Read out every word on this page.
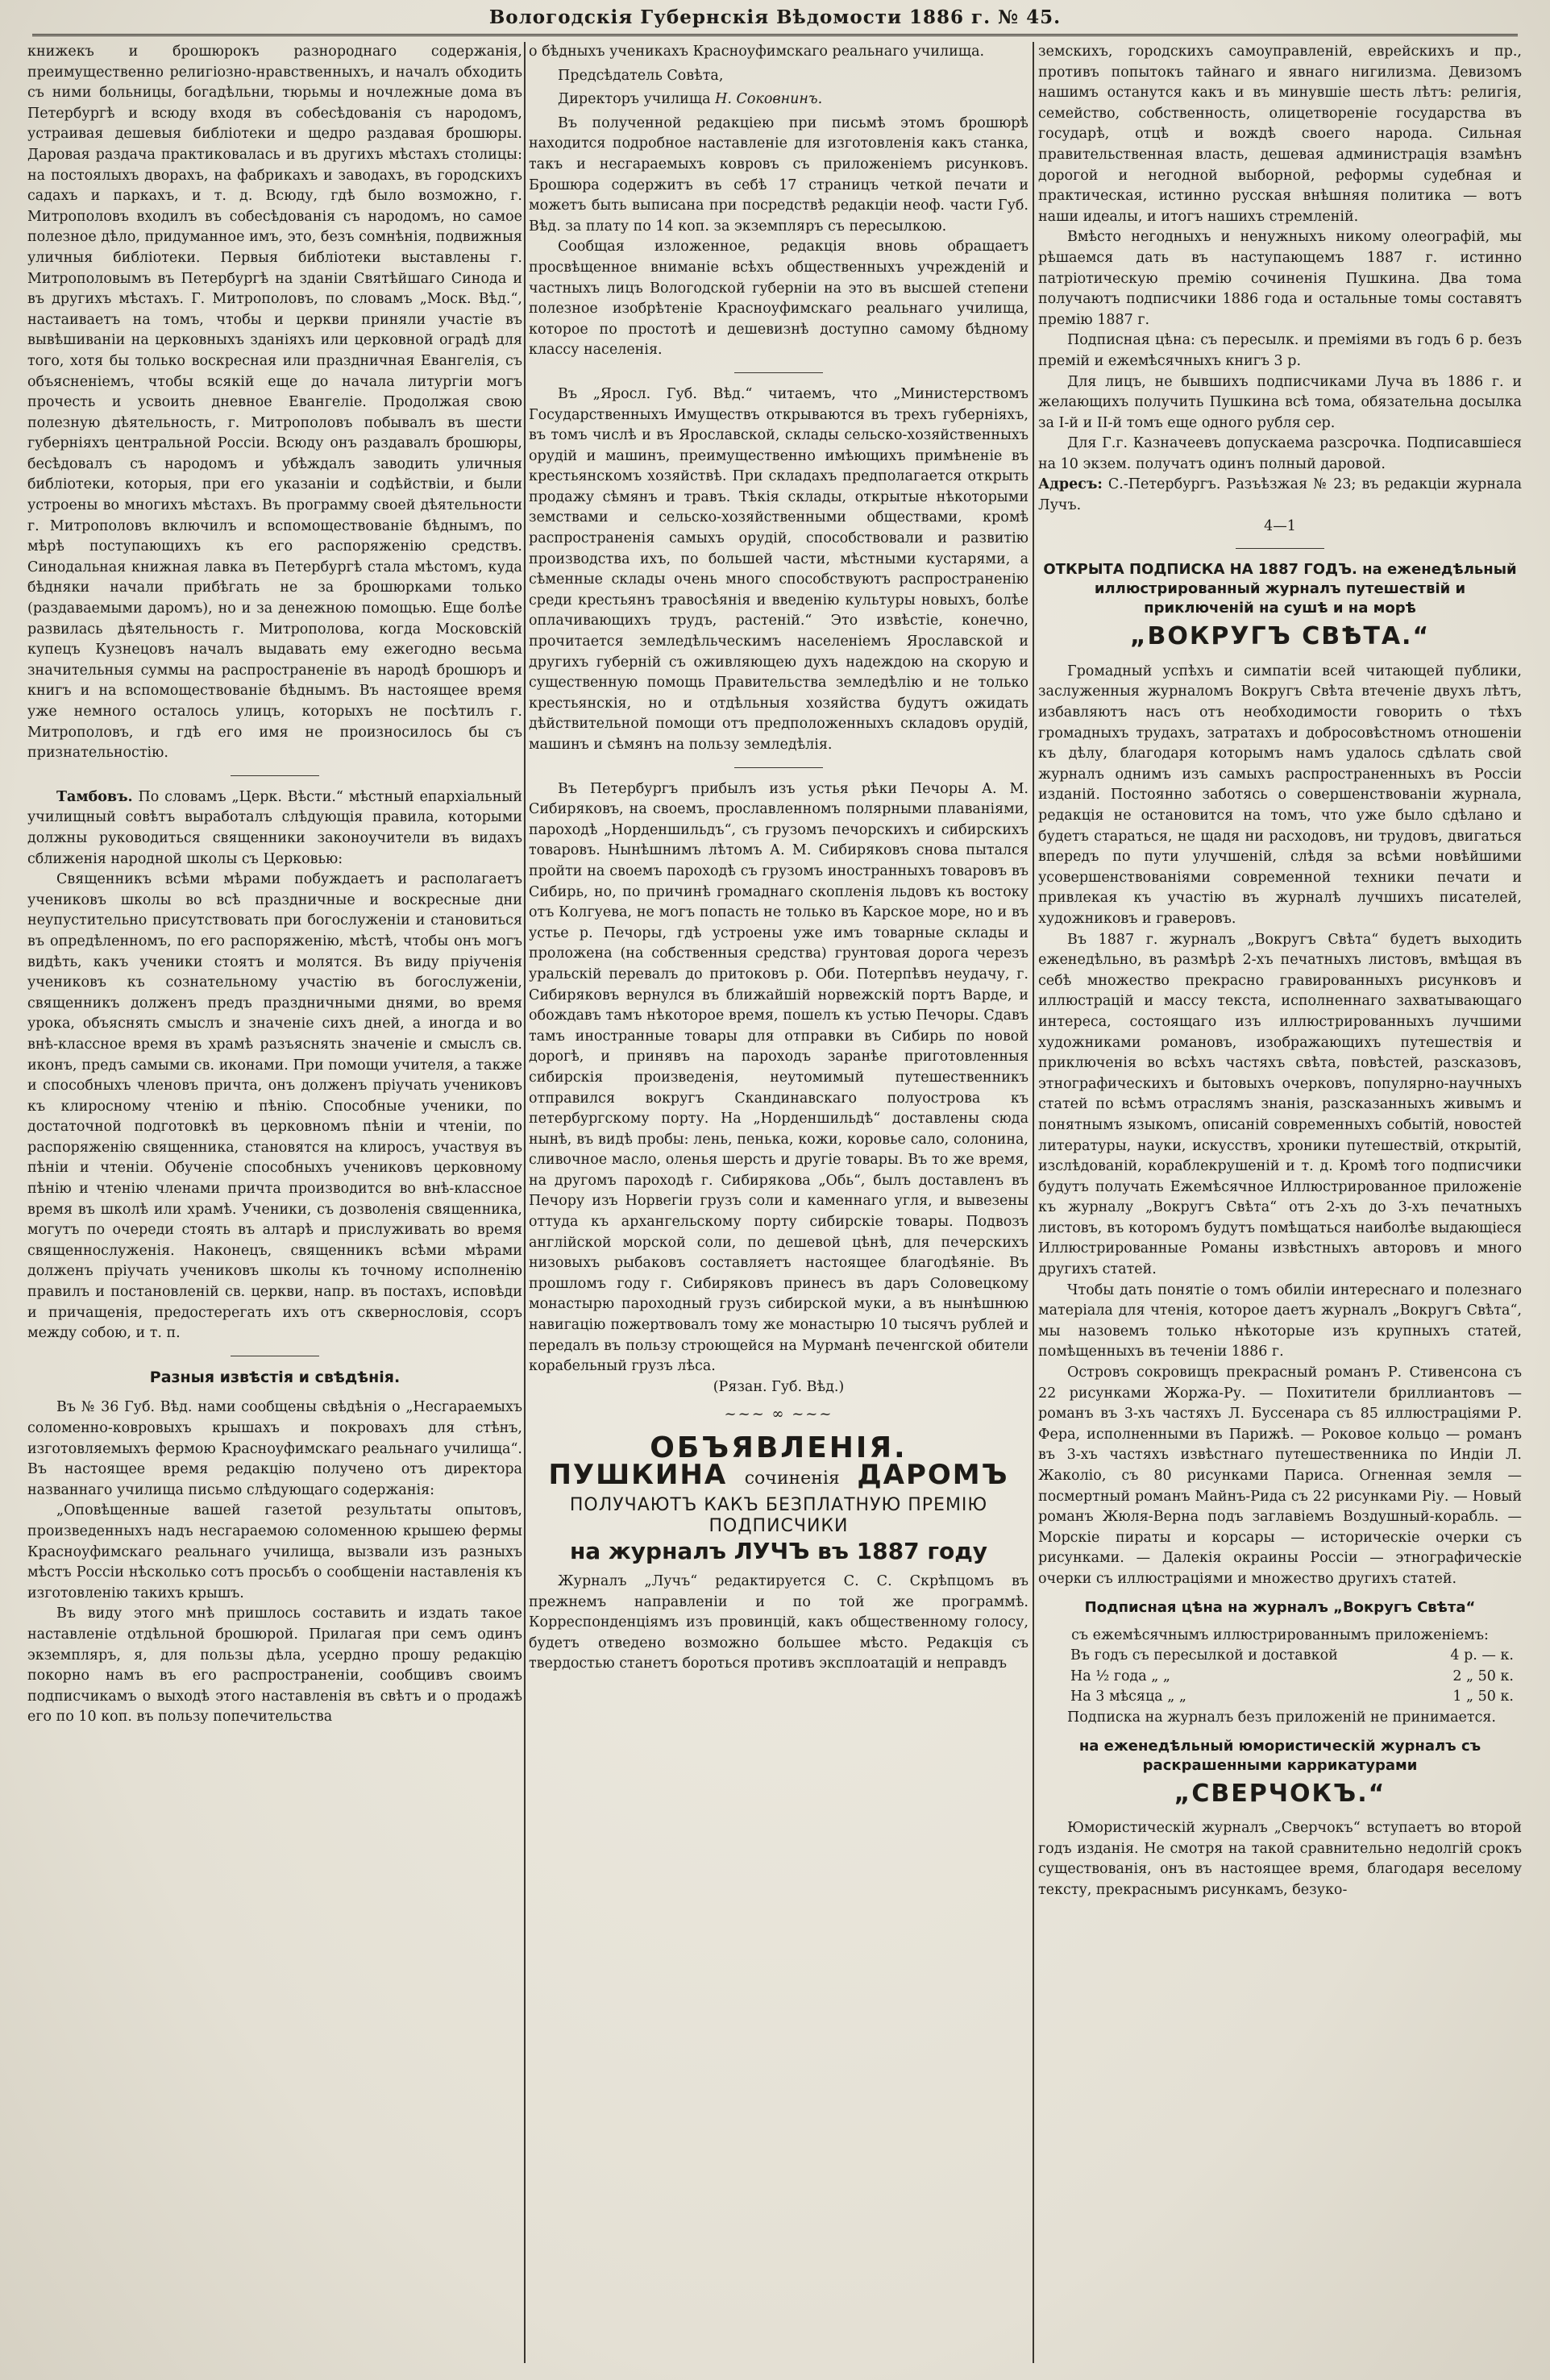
Вологодскія Губернскія Вѣдомости 1886 г. № 45.

книжекъ и брошюрокъ разнороднаго содержанія, преимущественно религіозно-нравственныхъ, и началъ обходить съ ними больницы, богадѣльни, тюрьмы и ночлежные дома въ Петербургѣ и всюду входя въ собесѣдованія съ народомъ, устраивая дешевыя библіотеки и щедро раздавая брошюры. Даровая раздача практиковалась и въ другихъ мѣстахъ столицы: на постоялыхъ дворахъ, на фабрикахъ и заводахъ, въ городскихъ садахъ и паркахъ, и т. д. Всюду, гдѣ было возможно, г. Митрополовъ входилъ въ собесѣдованія съ народомъ, но самое полезное дѣло, придуманное имъ, это, безъ сомнѣнія, подвижныя уличныя библіотеки. Первыя библіотеки выставлены г. Митрополовымъ въ Петербургѣ на зданіи Святѣйшаго Синода и въ другихъ мѣстахъ. Г. Митрополовъ, по словамъ „Моск. Вѣд.“, настаиваетъ на томъ, чтобы и церкви приняли участіе въ вывѣшиваніи на церковныхъ зданіяхъ или церковной оградѣ для того, хотя бы только воскресная или праздничная Евангелія, съ объясненіемъ, чтобы всякій еще до начала литургіи могъ прочесть и усвоить дневное Евангеліе. Продолжая свою полезную дѣятельность, г. Митрополовъ побывалъ въ шести губерніяхъ центральной Россіи. Всюду онъ раздавалъ брошюры, бесѣдовалъ съ народомъ и убѣждалъ заводить уличныя библіотеки, которыя, при его указаніи и содѣйствіи, и были устроены во многихъ мѣстахъ. Въ программу своей дѣятельности г. Митрополовъ включилъ и вспомоществованіе бѣднымъ, по мѣрѣ поступающихъ къ его распоряженію средствъ. Синодальная книжная лавка въ Петербургѣ стала мѣстомъ, куда бѣдняки начали прибѣгать не за брошюрками только (раздаваемыми даромъ), но и за денежною помощью. Еще болѣе развилась дѣятельность г. Митрополова, когда Московскій купецъ Кузнецовъ началъ выдавать ему ежегодно весьма значительныя суммы на распространеніе въ народѣ брошюръ и книгъ и на вспомоществованіе бѣднымъ. Въ настоящее время уже немного осталось улицъ, которыхъ не посѣтилъ г. Митрополовъ, и гдѣ его имя не произносилось бы съ признательностію.

Тамбовъ. По словамъ „Церк. Вѣсти.“ мѣстный епархіальный училищный совѣтъ выработалъ слѣдующія правила, которыми должны руководиться священники законоучители въ видахъ сближенія народной школы съ Церковью:

Священникъ всѣми мѣрами побуждаетъ и располагаетъ учениковъ школы во всѣ праздничные и воскресные дни неупустительно присутствовать при богослуженіи и становиться въ опредѣленномъ, по его распоряженію, мѣстѣ, чтобы онъ могъ видѣть, какъ ученики стоятъ и молятся. Въ виду пріученія учениковъ къ сознательному участію въ богослуженіи, священникъ долженъ предъ праздничными днями, во время урока, объяснять смыслъ и значеніе сихъ дней, а иногда и во внѣ-классное время въ храмѣ разъяснять значеніе и смыслъ св. иконъ, предъ самыми св. иконами. При помощи учителя, а также и способныхъ членовъ причта, онъ долженъ пріучать учениковъ къ клиросному чтенію и пѣнію. Способные ученики, по достаточной подготовкѣ въ церковномъ пѣніи и чтеніи, по распоряженію священника, становятся на клиросъ, участвуя въ пѣніи и чтеніи. Обученіе способныхъ учениковъ церковному пѣнію и чтенію членами причта производится во внѣ-классное время въ школѣ или храмѣ. Ученики, съ дозволенія священника, могутъ по очереди стоять въ алтарѣ и прислуживать во время священнослуженія. Наконецъ, священникъ всѣми мѣрами долженъ пріучать учениковъ школы къ точному исполненію правилъ и постановленій св. церкви, напр. въ постахъ, исповѣди и причащенія, предостерегать ихъ отъ сквернословія, ссоръ между собою, и т. п.

Разныя извѣстія и свѣдѣнія.

Въ № 36 Губ. Вѣд. нами сообщены свѣдѣнія о „Несгараемыхъ соломенно-ковровыхъ крышахъ и покровахъ для стѣнъ, изготовляемыхъ фермою Красноуфимскаго реальнаго училища“. Въ настоящее время редакцію получено отъ директора названнаго училища письмо слѣдующаго содержанія:

„Оповѣщенные вашей газетой результаты опытовъ, произведенныхъ надъ несгараемою соломенною крышею фермы Красноуфимскаго реальнаго училища, вызвали изъ разныхъ мѣстъ Россіи нѣсколько сотъ просьбъ о сообщеніи наставленія къ изготовленію такихъ крышъ.

Въ виду этого мнѣ пришлось составить и издать такое наставленіе отдѣльной брошюрой. Прилагая при семъ одинъ экземпляръ, я, для пользы дѣла, усердно прошу редакцію покорно намъ въ его распространеніи, сообщивъ своимъ подписчикамъ о выходѣ этого наставленія въ свѣтъ и о продажѣ его по 10 коп. въ пользу попечительства

о бѣдныхъ ученикахъ Красноуфимскаго реальнаго училища.

Предсѣдатель Совѣта,
Директоръ училища Н. Соковнинъ.

Въ полученной редакціею при письмѣ этомъ брошюрѣ находится подробное наставленіе для изготовленія какъ станка, такъ и несгараемыхъ ковровъ съ приложеніемъ рисунковъ. Брошюра содержитъ въ себѣ 17 страницъ четкой печати и можетъ быть выписана при посредствѣ редакціи неоф. части Губ. Вѣд. за плату по 14 коп. за экземпляръ съ пересылкою.

Сообщая изложенное, редакція вновь обращаетъ просвѣщенное вниманіе всѣхъ общественныхъ учрежденій и частныхъ лицъ Вологодской губерніи на это въ высшей степени полезное изобрѣтеніе Красноуфимскаго реальнаго училища, которое по простотѣ и дешевизнѣ доступно самому бѣдному классу населенія.

Въ „Яросл. Губ. Вѣд.“ читаемъ, что „Министерствомъ Государственныхъ Имуществъ открываются въ трехъ губерніяхъ, въ томъ числѣ и въ Ярославской, склады сельско-хозяйственныхъ орудій и машинъ, преимущественно имѣющихъ примѣненіе въ крестьянскомъ хозяйствѣ. При складахъ предполагается открыть продажу сѣмянъ и травъ. Тѣкія склады, открытые нѣкоторыми земствами и сельско-хозяйственными обществами, кромѣ распространенія самыхъ орудій, способствовали и развитію производства ихъ, по большей части, мѣстными кустарями, а сѣменные склады очень много способствуютъ распространенію среди крестьянъ травосѣянія и введенію культуры новыхъ, болѣе оплачивающихъ трудъ, растеній.“ Это извѣстіе, конечно, прочитается земледѣльческимъ населеніемъ Ярославской и другихъ губерній съ оживляющею духъ надеждою на скорую и существенную помощь Правительства земледѣлію и не только крестьянскія, но и отдѣльныя хозяйства будутъ ожидать дѣйствительной помощи отъ предположенныхъ складовъ орудій, машинъ и сѣмянъ на пользу земледѣлія.

Въ Петербургъ прибылъ изъ устья рѣки Печоры А. М. Сибиряковъ, на своемъ, прославленномъ полярными плаваніями, пароходѣ „Норденшильдъ“, съ грузомъ печорскихъ и сибирскихъ товаровъ. Нынѣшнимъ лѣтомъ А. М. Сибиряковъ снова пытался пройти на своемъ пароходѣ съ грузомъ иностранныхъ товаровъ въ Сибирь, но, по причинѣ громаднаго скопленія льдовъ къ востоку отъ Колгуева, не могъ попасть не только въ Карское море, но и въ устье р. Печоры, гдѣ устроены уже имъ товарные склады и проложена (на собственныя средства) грунтовая дорога черезъ уральскій перевалъ до притоковъ р. Оби. Потерпѣвъ неудачу, г. Сибиряковъ вернулся въ ближайшій норвежскій портъ Варде, и обождавъ тамъ нѣкоторое время, пошелъ къ устью Печоры. Сдавъ тамъ иностранные товары для отправки въ Сибирь по новой дорогѣ, и принявъ на пароходъ заранѣе приготовленныя сибирскія произведенія, неутомимый путешественникъ отправился вокругъ Скандинавскаго полуострова къ петербургскому порту. На „Норденшильдѣ“ доставлены сюда нынѣ, въ видѣ пробы: лень, пенька, кожи, коровье сало, солонина, сливочное масло, оленья шерсть и другіе товары. Въ то же время, на другомъ пароходѣ г. Сибирякова „Обь“, былъ доставленъ въ Печору изъ Норвегіи грузъ соли и каменнаго угля, и вывезены оттуда къ архангельскому порту сибирскіе товары. Подвозъ англійской морской соли, по дешевой цѣнѣ, для печерскихъ низовыхъ рыбаковъ составляетъ настоящее благодѣяніе. Въ прошломъ году г. Сибиряковъ принесъ въ даръ Соловецкому монастырю пароходный грузъ сибирской муки, а въ нынѣшнюю навигацію пожертвовалъ тому же монастырю 10 тысячъ рублей и передалъ въ пользу строющейся на Мурманѣ печенгской обители корабельный грузъ лѣса.

(Рязан. Губ. Вѣд.)

~~~ ∞ ~~~
ОБЪЯВЛЕНІЯ.
ПУШКИНА сочиненія ДАРОМЪ
ПОЛУЧАЮТЪ КАКЪ БЕЗПЛАТНУЮ ПРЕМІЮ ПОДПИСЧИКИ
на журналъ ЛУЧЪ въ 1887 году

Журналъ „Лучъ“ редактируется С. С. Скрѣпцомъ въ прежнемъ направленіи и по той же программѣ. Корреспонденціямъ изъ провинцій, какъ общественному голосу, будетъ отведено возможно большее мѣсто. Редакція съ твердостью станетъ бороться противъ эксплоатацій и неправдъ

земскихъ, городскихъ самоуправленій, еврейскихъ и пр., противъ попытокъ тайнаго и явнаго нигилизма. Девизомъ нашимъ останутся какъ и въ минувшіе шесть лѣтъ: религія, семейство, собственность, олицетвореніе государства въ государѣ, отцѣ и вождѣ своего народа. Сильная правительственная власть, дешевая администрація взамѣнъ дорогой и негодной выборной, реформы судебная и практическая, истинно русская внѣшняя политика — вотъ наши идеалы, и итогъ нашихъ стремленій.

Вмѣсто негодныхъ и ненужныхъ никому олеографій, мы рѣшаемся дать въ наступающемъ 1887 г. истинно патріотическую премію сочиненія Пушкина. Два тома получаютъ подписчики 1886 года и остальные томы составятъ премію 1887 г.

Подписная цѣна: съ пересылк. и преміями въ годъ 6 р. безъ премій и ежемѣсячныхъ книгъ 3 р.

Для лицъ, не бывшихъ подписчиками Луча въ 1886 г. и желающихъ получить Пушкина всѣ тома, обязательна досылка за I-й и II-й томъ еще одного рубля сер.

Для Г.г. Казначеевъ допускаема разсрочка. Подписавшіеся на 10 экзем. получатъ одинъ полный даровой.

Адресъ: С.-Петербургъ. Разъѣзжая № 23; въ редакціи журнала Лучъ.

4—1

ОТКРЫТА ПОДПИСКА НА 1887 ГОДЪ. на еженедѣльный иллюстрированный журналъ путешествій и приключеній на сушѣ и на морѣ
„ВОКРУГЪ СВѢТА.“

Громадный успѣхъ и симпатіи всей читающей публики, заслуженныя журналомъ Вокругъ Свѣта втеченіе двухъ лѣтъ, избавляютъ насъ отъ необходимости говорить о тѣхъ громадныхъ трудахъ, затратахъ и добросовѣстномъ отношеніи къ дѣлу, благодаря которымъ намъ удалось сдѣлать свой журналъ однимъ изъ самыхъ распространенныхъ въ Россіи изданій. Постоянно заботясь о совершенствованіи журнала, редакція не остановится на томъ, что уже было сдѣлано и будетъ стараться, не щадя ни расходовъ, ни трудовъ, двигаться впередъ по пути улучшеній, слѣдя за всѣми новѣйшими усовершенствованіями современной техники печати и привлекая къ участію въ журналѣ лучшихъ писателей, художниковъ и граверовъ.

Въ 1887 г. журналъ „Вокругъ Свѣта“ будетъ выходить еженедѣльно, въ размѣрѣ 2-хъ печатныхъ листовъ, вмѣщая въ себѣ множество прекрасно гравированныхъ рисунковъ и иллюстрацій и массу текста, исполненнаго захватывающаго интереса, состоящаго изъ иллюстрированныхъ лучшими художниками романовъ, изображающихъ путешествія и приключенія во всѣхъ частяхъ свѣта, повѣстей, разсказовъ, этнографическихъ и бытовыхъ очерковъ, популярно-научныхъ статей по всѣмъ отраслямъ знанія, разсказанныхъ живымъ и понятнымъ языкомъ, описаній современныхъ событій, новостей литературы, науки, искусствъ, хроники путешествій, открытій, изслѣдованій, кораблекрушеній и т. д. Кромѣ того подписчики будутъ получать Ежемѣсячное Иллюстрированное приложеніе къ журналу „Вокругъ Свѣта“ отъ 2-хъ до 3-хъ печатныхъ листовъ, въ которомъ будутъ помѣщаться наиболѣе выдающіеся Иллюстрированные Романы извѣстныхъ авторовъ и много другихъ статей.

Чтобы дать понятіе о томъ обиліи интереснаго и полезнаго матеріала для чтенія, которое даетъ журналъ „Вокругъ Свѣта“, мы назовемъ только нѣкоторые изъ крупныхъ статей, помѣщенныхъ въ теченіи 1886 г.

Островъ сокровищъ прекрасный романъ Р. Стивенсона съ 22 рисунками Жоржа-Ру. — Похитители бриллиантовъ — романъ въ 3-хъ частяхъ Л. Буссенара съ 85 иллюстраціями Р. Фера, исполненными въ Парижѣ. — Роковое кольцо — романъ въ 3-хъ частяхъ извѣстнаго путешественника по Индіи Л. Жаколіо, съ 80 рисунками Париса. Огненная земля — посмертный романъ Майнъ-Рида съ 22 рисунками Ріу. — Новый романъ Жюля-Верна подъ заглавіемъ Воздушный-корабль. — Морскіе пираты и корсары — историческіе очерки съ рисунками. — Далекія окраины Россіи — этнографическіе очерки съ иллюстраціями и множество другихъ статей.

Подписная цѣна на журналъ „Вокругъ Свѣта“

съ ежемѣсячнымъ иллюстрированнымъ приложеніемъ:

Въ годъ съ пересылкой и доставкой	4 р. — к.
На ½ года „ „	2 „ 50 к.
На 3 мѣсяца „ „	1 „ 50 к.

Подписка на журналъ безъ приложеній не принимается.

на еженедѣльный юмористическій журналъ съ раскрашенными каррикатурами
„СВЕРЧОКЪ.“

Юмористическій журналъ „Сверчокъ“ вступаетъ во второй годъ изданія. Не смотря на такой сравнительно недолгій срокъ существованія, онъ въ настоящее время, благодаря веселому тексту, прекраснымъ рисункамъ, безуко-
